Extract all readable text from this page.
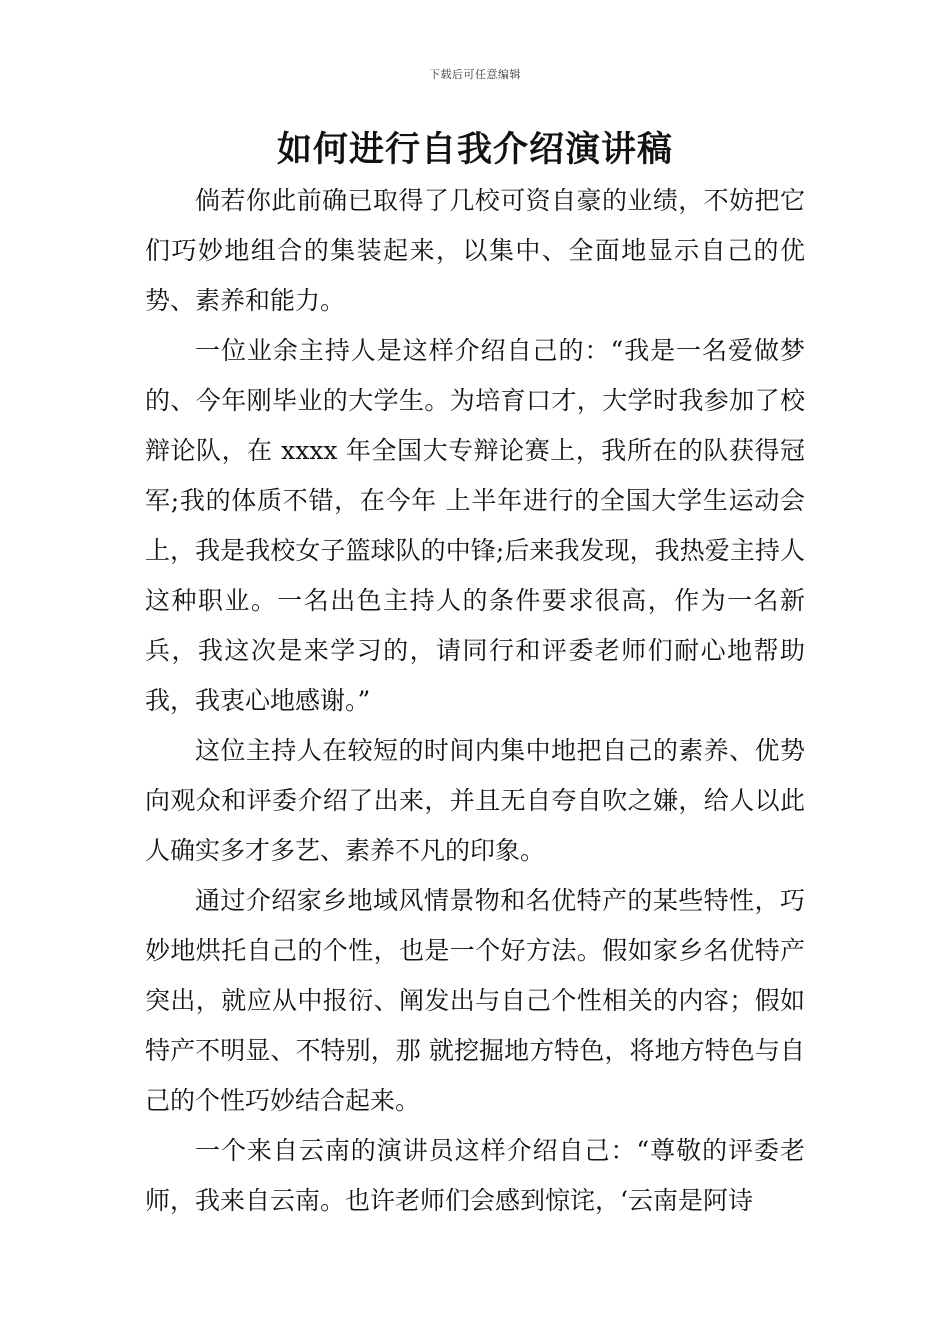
下载后可任意编辑
如何进行自我介绍演讲稿

倘若你此前确已取得了几校可资自豪的业绩，不妨把它们巧妙地组合的集装起来，以集中、全面地显示自己的优势、素养和能力。

一位业余主持人是这样介绍自己的：“我是一名爱做梦的、今年刚毕业的大学生。为培育口才，大学时我参加了校辩论队，在 xxxx 年全国大专辩论赛上，我所在的队获得冠军;我的体质不错，在今年 上半年进行的全国大学生运动会上，我是我校女子篮球队的中锋;后来我发现，我热爱主持人这种职业。一名出色主持人的条件要求很高，作为一名新兵，我这次是来学习的，请同行和评委老师们耐心地帮助我，我衷心地感谢。”

这位主持人在较短的时间内集中地把自己的素养、优势向观众和评委介绍了出来，并且无自夸自吹之嫌，给人以此人确实多才多艺、素养不凡的印象。

通过介绍家乡地域风情景物和名优特产的某些特性，巧妙地烘托自己的个性，也是一个好方法。假如家乡名优特产突出，就应从中报衍、阐发出与自己个性相关的内容；假如特产不明显、不特别，那 就挖掘地方特色，将地方特色与自己的个性巧妙结合起来。

一个来自云南的演讲员这样介绍自己：“尊敬的评委老师，我来自云南。也许老师们会感到惊诧，‘云南是阿诗
